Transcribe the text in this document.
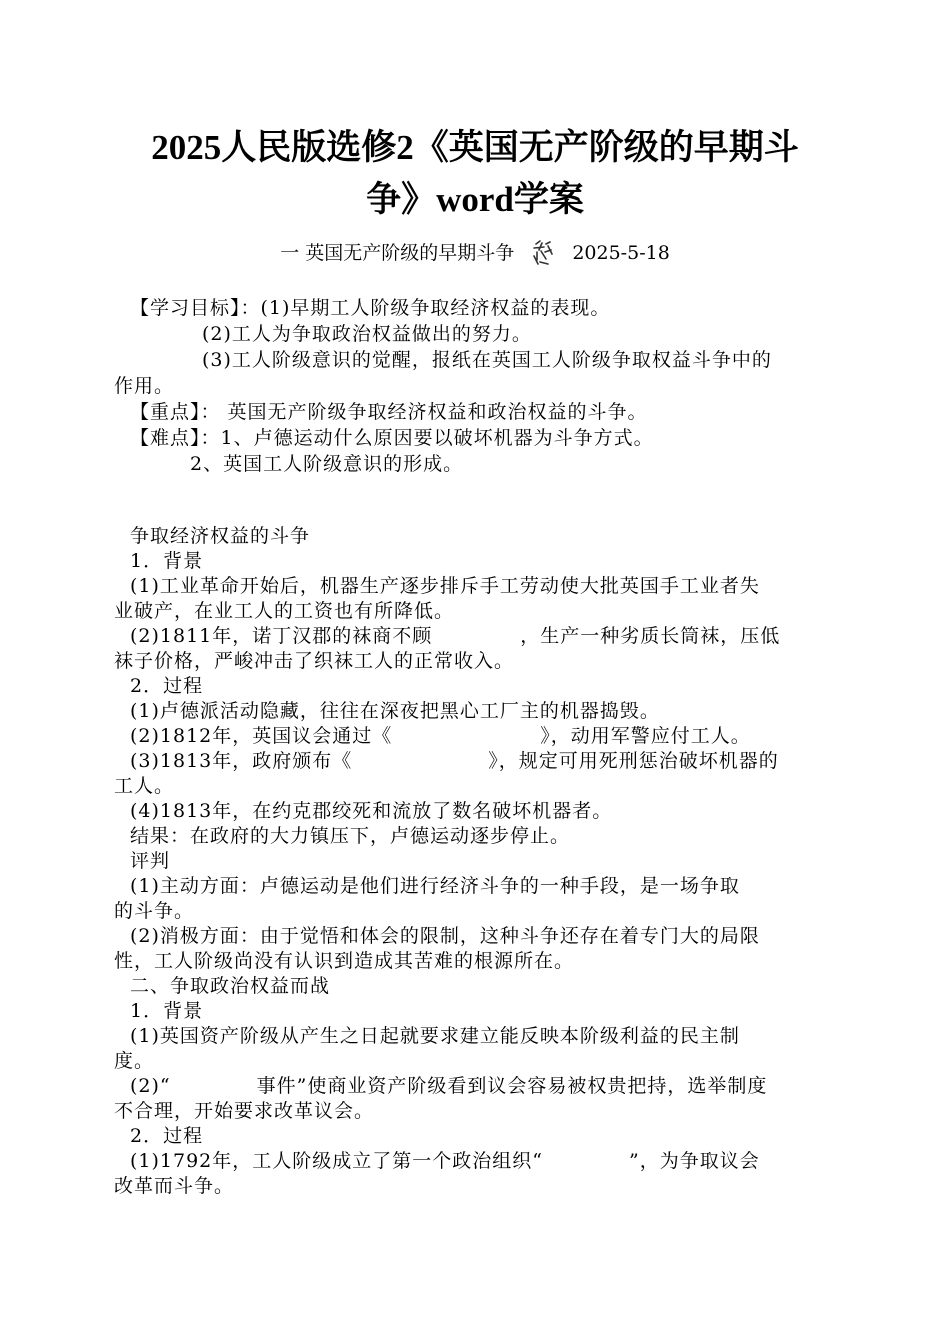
2025人民版选修2《英国无产阶级的早期斗
争》word学案
一 英国无产阶级的早期斗争	2025-5-18
【学习目标】：(1)早期工人阶级争取经济权益的表现。
(2)工人为争取政治权益做出的努力。
(3)工人阶级意识的觉醒，报纸在英国工人阶级争取权益斗争中的
作用。
【重点】： 英国无产阶级争取经济权益和政治权益的斗争。
【难点】：1、卢德运动什么原因要以破坏机器为斗争方式。
2、英国工人阶级意识的形成。
争取经济权益的斗争
1．背景
(1)工业革命开始后，机器生产逐步排斥手工劳动使大批英国手工业者失
业破产，在业工人的工资也有所降低。
(2)1811年，诺丁汉郡的袜商不顾	，生产一种劣质长筒袜，压低
袜子价格，严峻冲击了织袜工人的正常收入。
2．过程
(1)卢德派活动隐藏，往往在深夜把黑心工厂主的机器捣毁。
(2)1812年，英国议会通过《	》，动用军警应付工人。
(3)1813年，政府颁布《	》，规定可用死刑惩治破坏机器的
工人。
(4)1813年，在约克郡绞死和流放了数名破坏机器者。
结果：在政府的大力镇压下，卢德运动逐步停止。
评判
(1)主动方面：卢德运动是他们进行经济斗争的一种手段，是一场争取
的斗争。
(2)消极方面：由于觉悟和体会的限制，这种斗争还存在着专门大的局限
性，工人阶级尚没有认识到造成其苦难的根源所在。
二、争取政治权益而战
1．背景
(1)英国资产阶级从产生之日起就要求建立能反映本阶级利益的民主制
度。
(2)“	事件”使商业资产阶级看到议会容易被权贵把持，选举制度
不合理，开始要求改革议会。
2．过程
(1)1792年，工人阶级成立了第一个政治组织“	”，为争取议会
改革而斗争。
